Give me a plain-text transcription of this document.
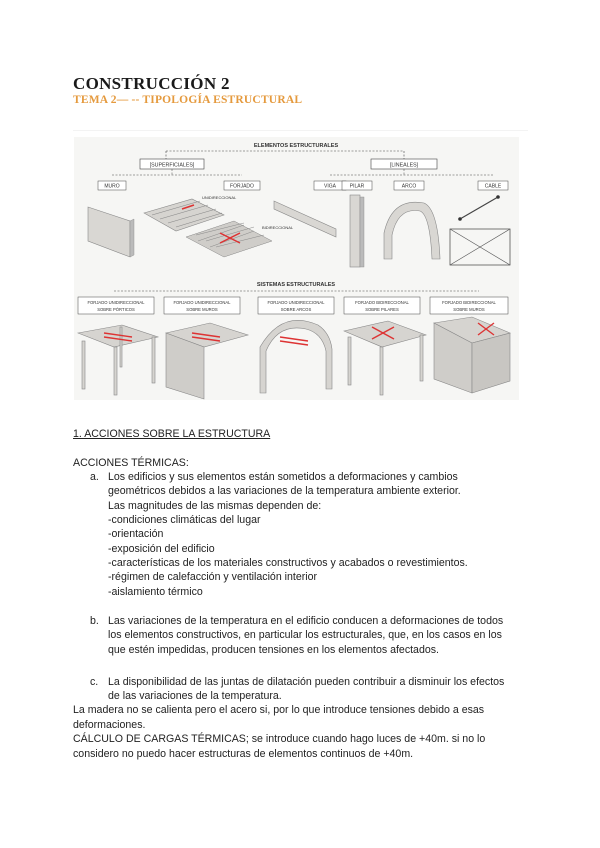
CONSTRUCCIÓN 2
TEMA 2— -- TIPOLOGÍA ESTRUCTURAL
ELEMENTOS ESTRUCTURALES
[SUPERFICIALES]	[LINEALES]
MURO	FORJADO	VIGA	PILAR	ARCO	CABLE
UNIDIRECCIONAL
BIDIRECCIONAL
SISTEMAS ESTRUCTURALES
FORJADO UNIDIRECCIONAL
SOBRE PÓRTICOS
FORJADO UNIDIRECCIONAL
SOBRE MUROS
FORJADO UNIDIRECCIONAL
SOBRE ARCOS
FORJADO BIDIRECCIONAL
SOBRE PILARES
FORJADO BIDIRECCIONAL
SOBRE MUROS
1. ACCIONES SOBRE LA ESTRUCTURA
ACCIONES TÉRMICAS:
a. Los edificios y sus elementos están sometidos a deformaciones y cambios
geométricos debidos a las variaciones de la temperatura ambiente exterior.
Las magnitudes de las mismas dependen de:
-condiciones climáticas del lugar
-orientación
-exposición del edificio
-características de los materiales constructivos y acabados o revestimientos.
-régimen de calefacción y ventilación interior
-aislamiento térmico
b. Las variaciones de la temperatura en el edificio conducen a deformaciones de todos
los elementos constructivos, en particular los estructurales, que, en los casos en los
que estén impedidas, producen tensiones en los elementos afectados.
c. La disponibilidad de las juntas de dilatación pueden contribuir a disminuir los efectos
de las variaciones de la temperatura.
La madera no se calienta pero el acero si, por lo que introduce tensiones debido a esas
deformaciones.
CÁLCULO DE CARGAS TÉRMICAS; se introduce cuando hago luces de +40m. si no lo
considero no puedo hacer estructuras de elementos continuos de +40m.
